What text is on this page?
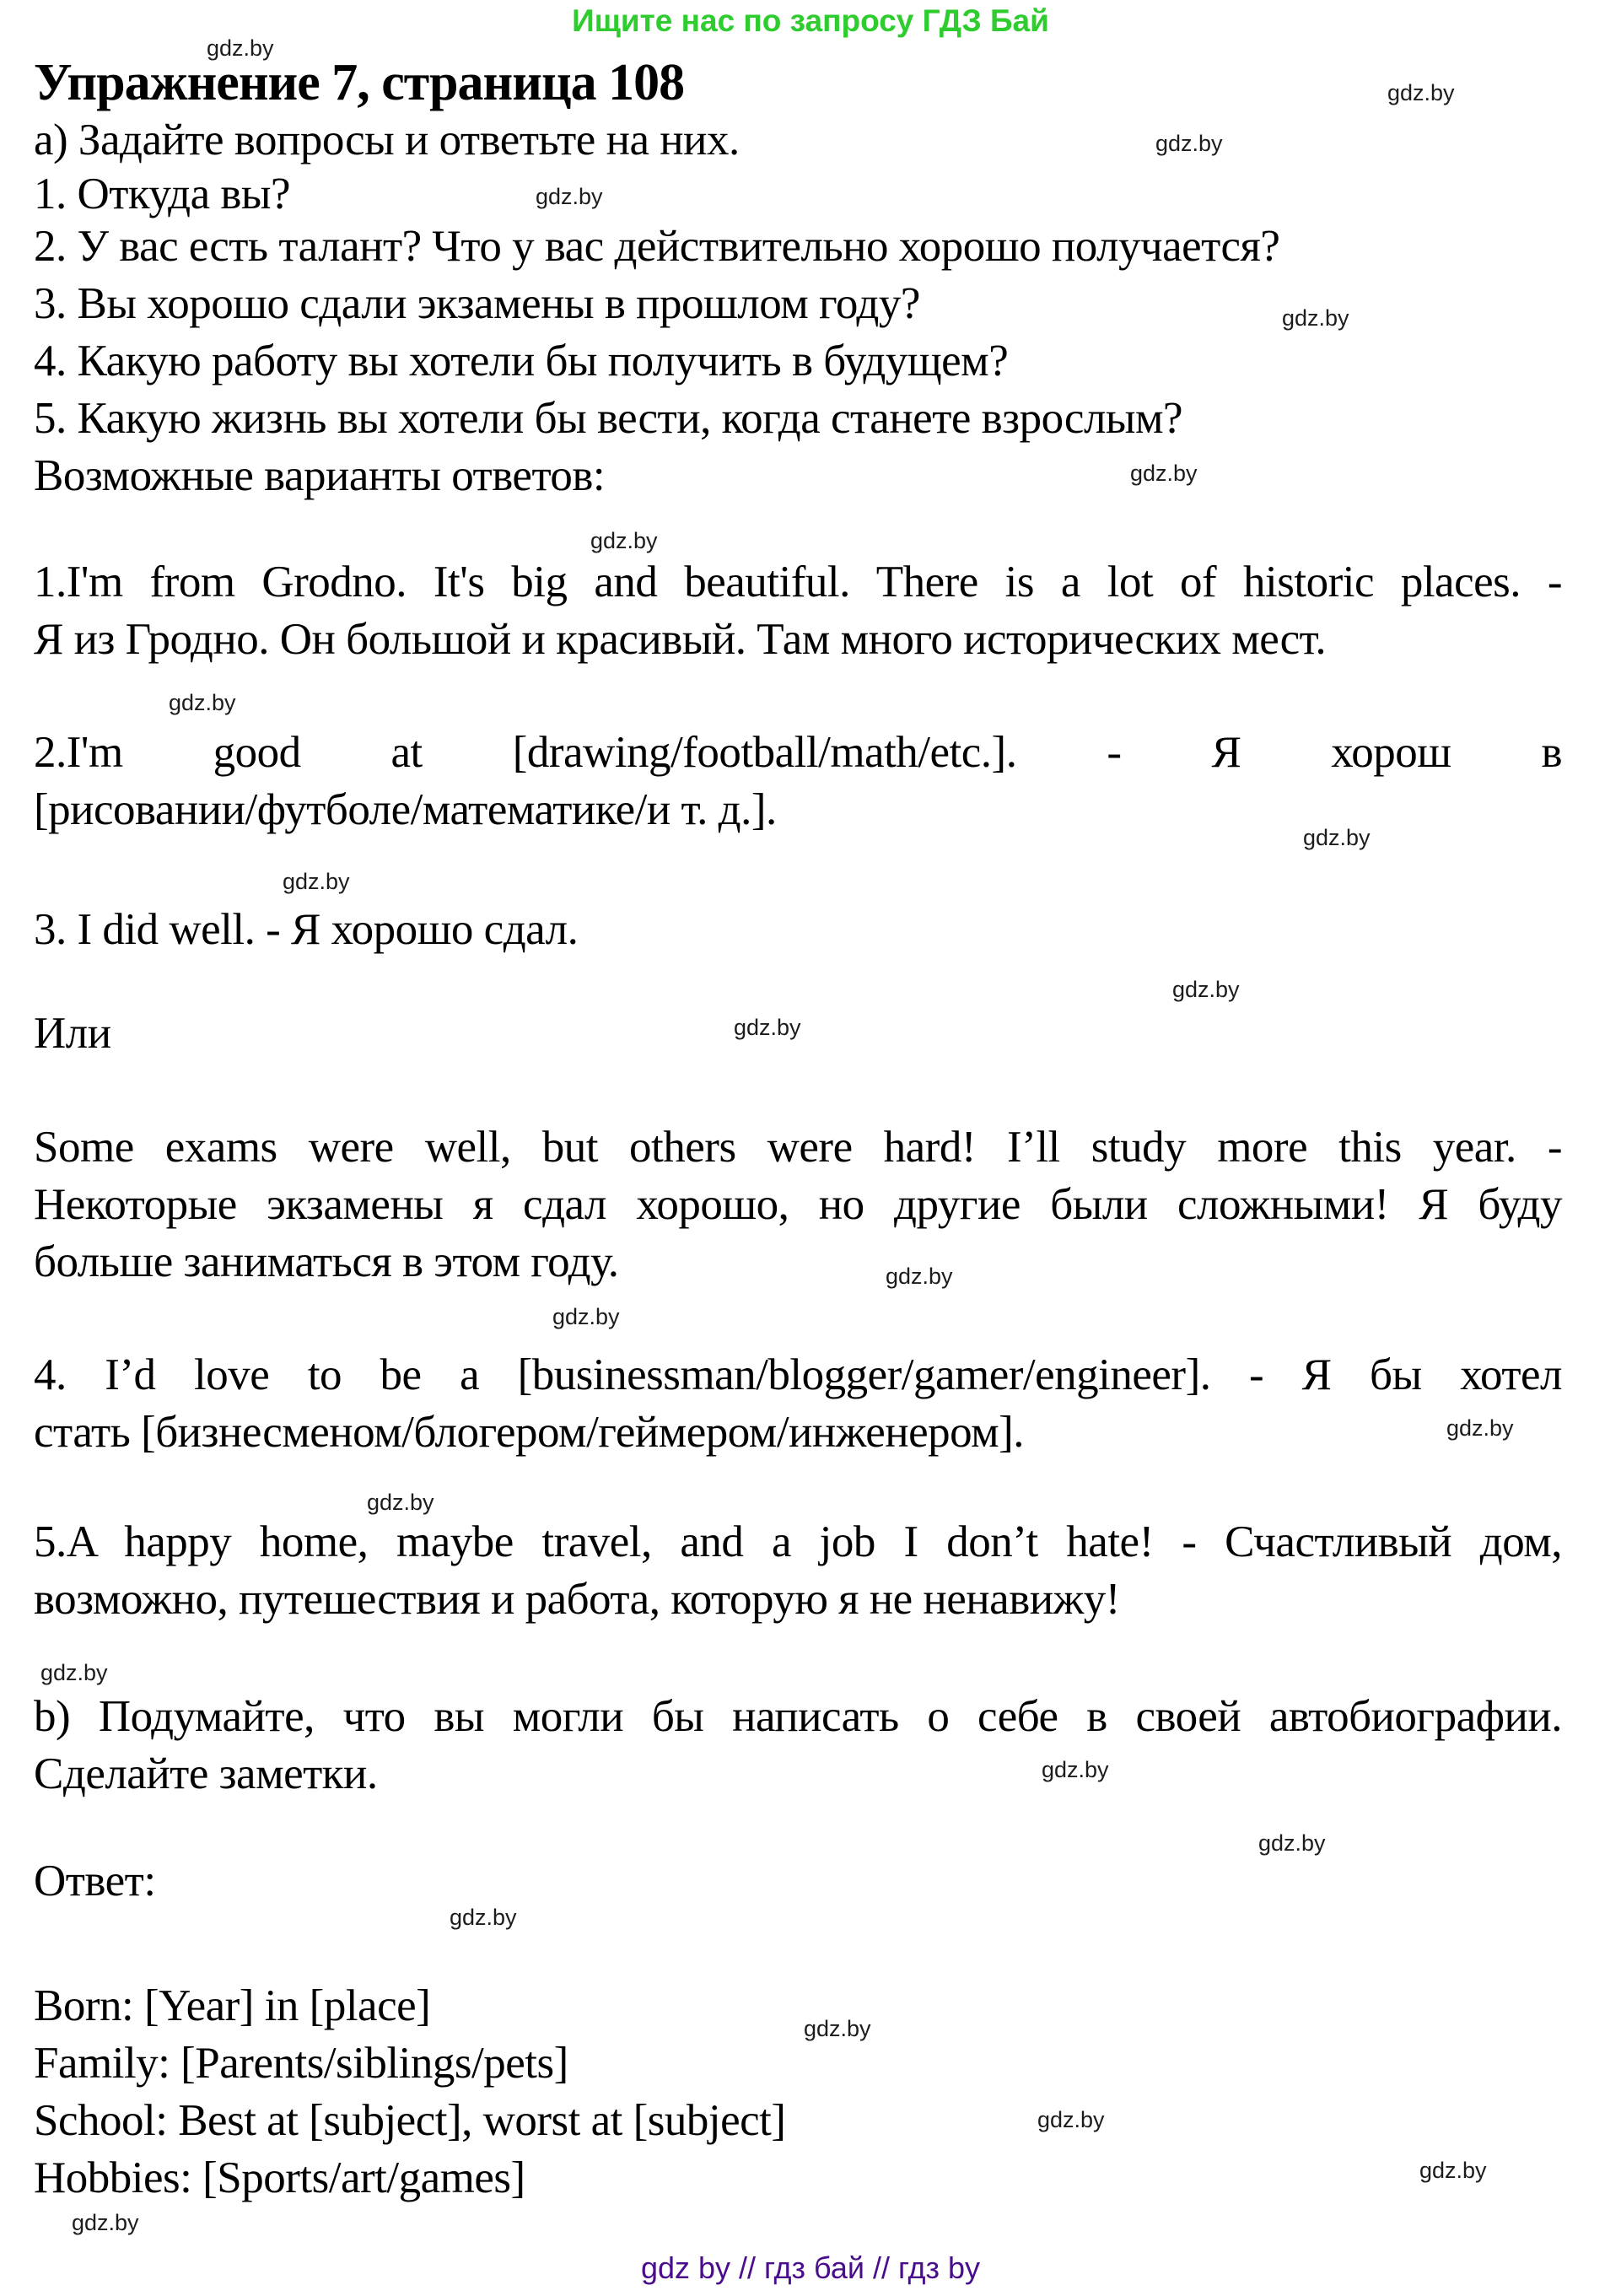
Ищите нас по запросу ГДЗ Бай
Упражнение 7, страница 108
a) Задайте вопросы и ответьте на них.
1. Откуда вы?
2. У вас есть талант? Что у вас действительно хорошо получается?
3. Вы хорошо сдали экзамены в прошлом году?
4. Какую работу вы хотели бы получить в будущем?
5. Какую жизнь вы хотели бы вести, когда станете взрослым?
Возможные варианты ответов:
1.I'm from Grodno. It's big and beautiful. There is a lot of historic places. -
Я из Гродно. Он большой и красивый. Там много исторических мест.
2.I'm good at [drawing/football/math/etc.]. - Я хорош в
[рисовании/футболе/математике/и т. д.].
3. I did well. - Я хорошо сдал.
Или
Some exams were well, but others were hard! I’ll study more this year. -
Некоторые экзамены я сдал хорошо, но другие были сложными! Я буду
больше заниматься в этом году.
4. I’d love to be a [businessman/blogger/gamer/engineer]. - Я бы хотел
стать [бизнесменом/блогером/геймером/инженером].
5.A happy home, maybe travel, and a job I don’t hate! - Счастливый дом,
возможно, путешествия и работа, которую я не ненавижу!
b) Подумайте, что вы могли бы написать о себе в своей автобиографии.
Сделайте заметки.
Ответ:
Born: [Year] in [place]
Family: [Parents/siblings/pets]
School: Best at [subject], worst at [subject]
Hobbies: [Sports/art/games]
gdz.by
gdz.by
gdz.by
gdz.by
gdz.by
gdz.by
gdz.by
gdz.by
gdz.by
gdz.by
gdz.by
gdz.by
gdz.by
gdz.by
gdz.by
gdz.by
gdz.by
gdz.by
gdz.by
gdz.by
gdz.by
gdz.by
gdz.by
gdz.by
gdz by // гдз бай // гдз by
